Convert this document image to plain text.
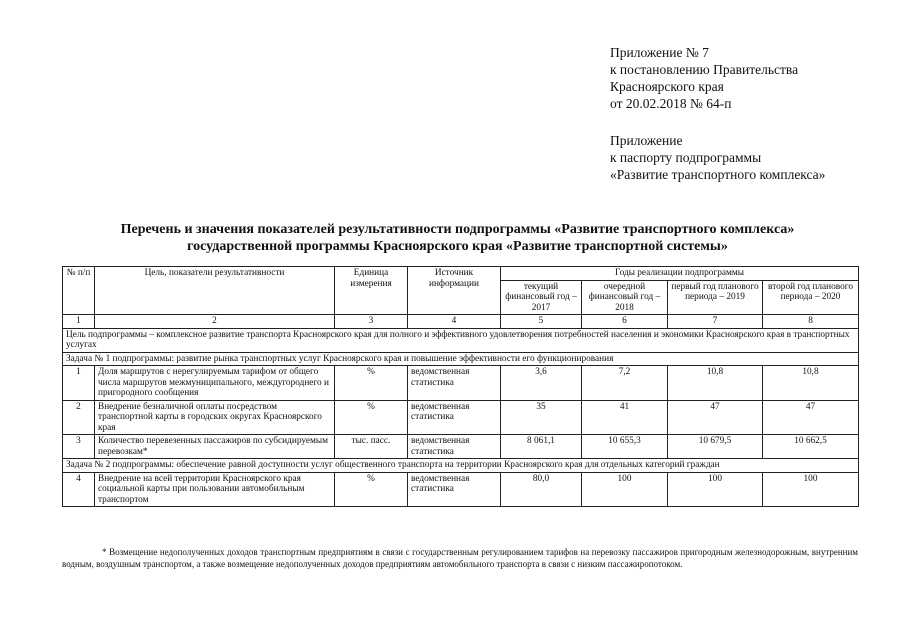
Приложение № 7
к постановлению Правительства
Красноярского края
от 20.02.2018 № 64-п
Приложение
к паспорту подпрограммы
«Развитие транспортного комплекса»
Перечень и значения показателей результативности подпрограммы «Развитие транспортного комплекса»
государственной программы Красноярского края «Развитие транспортной системы»
№ п/п	Цель, показатели результативности	Единица измерения	Источник информации	Годы реализации подпрограммы			
				текущий финансовый год – 2017	очередной финансовый год – 2018	первый год планового периода – 2019	второй год планового периода – 2020
1	2	3	4	5	6	7	8
Цель подпрограммы – комплексное развитие транспорта Красноярского края для полного и эффективного удовлетворения потребностей населения и экономики Красноярского края в транспортных услугах							
Задача № 1 подпрограммы: развитие рынка транспортных услуг Красноярского края и повышение эффективности его функционирования							
1	Доля маршрутов с нерегулируемым тарифом от общего числа маршрутов межмуниципального, междугороднего и пригородного сообщения	%	ведомственная статистика	3,6	7,2	10,8	10,8
2	Внедрение безналичной оплаты посредством транспортной карты в городских округах Красноярского края	%	ведомственная статистика	35	41	47	47
3	Количество перевезенных пассажиров по субсидируемым перевозкам*	тыс. пасс.	ведомственная статистика	8 061,1	10 655,3	10 679,5	10 662,5
Задача № 2 подпрограммы: обеспечение равной доступности услуг общественного транспорта на территории Красноярского края для отдельных категорий граждан							
4	Внедрение на всей территории Красноярского края социальной карты при пользовании автомобильным транспортом	%	ведомственная статистика	80,0	100	100	100
* Возмещение недополученных доходов транспортным предприятиям в связи с государственным регулированием тарифов на перевозку пассажиров пригородным железнодорожным, внутренним водным, воздушным транспортом, а также возмещение недополученных доходов предприятиям автомобильного транспорта в связи с низким пассажиропотоком.
